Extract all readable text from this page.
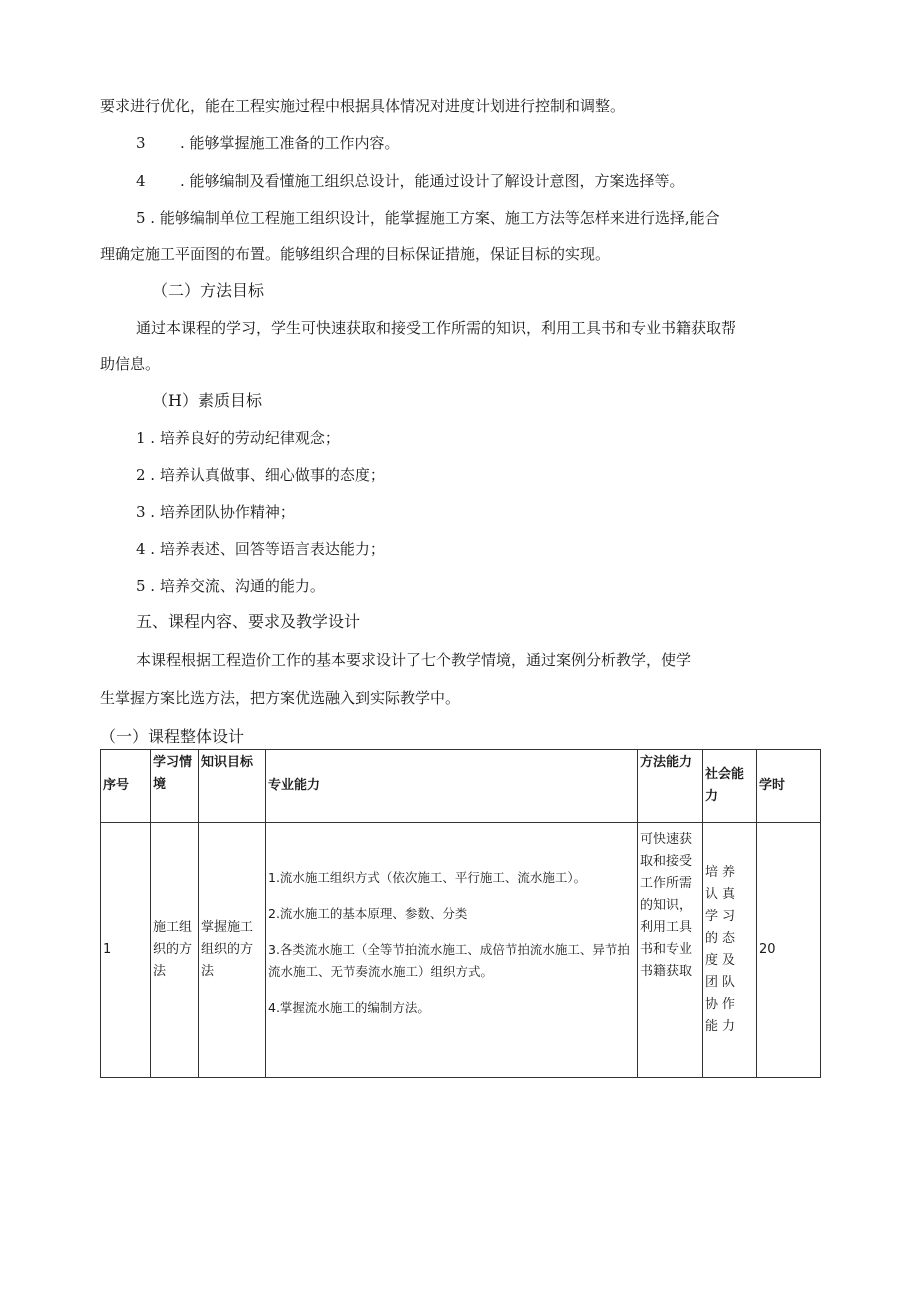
要求进行优化，能在工程实施过程中根据具体情况对进度计划进行控制和调整。
3 . 能够掌握施工准备的工作内容。
4 . 能够编制及看懂施工组织总设计，能通过设计了解设计意图，方案选择等。
5 . 能够编制单位工程施工组织设计，能掌握施工方案、施工方法等怎样来进行选择,能合
理确定施工平面图的布置。能够组织合理的目标保证措施，保证目标的实现。
（二）方法目标
通过本课程的学习，学生可快速获取和接受工作所需的知识，利用工具书和专业书籍获取帮
助信息。
（H）素质目标
1 . 培养良好的劳动纪律观念；
2 . 培养认真做事、细心做事的态度；
3 . 培养团队协作精神；
4 . 培养表述、回答等语言表达能力；
5 . 培养交流、沟通的能力。
五、课程内容、要求及教学设计
本课程根据工程造价工作的基本要求设计了七个教学情境，通过案例分析教学，使学
生掌握方案比选方法，把方案优选融入到实际教学中。
（一）课程整体设计
序号	学习情境	知识目标	专业能力	方法能力	社会能力	学时
1	施工组织的方法	掌握施工组织的方法	1.流水施工组织方式（依次施工、平行施工、流水施工）。
2.流水施工的基本原理、参数、分类
3.各类流水施工（全等节拍流水施工、成倍节拍流水施工、异节拍流水施工、无节奏流水施工）组织方式。
4.掌握流水施工的编制方法。	可快速获取和接受工作所需的知识，利用工具书和专业书籍获取	培养认真学习的态度及团队协作能力	20
